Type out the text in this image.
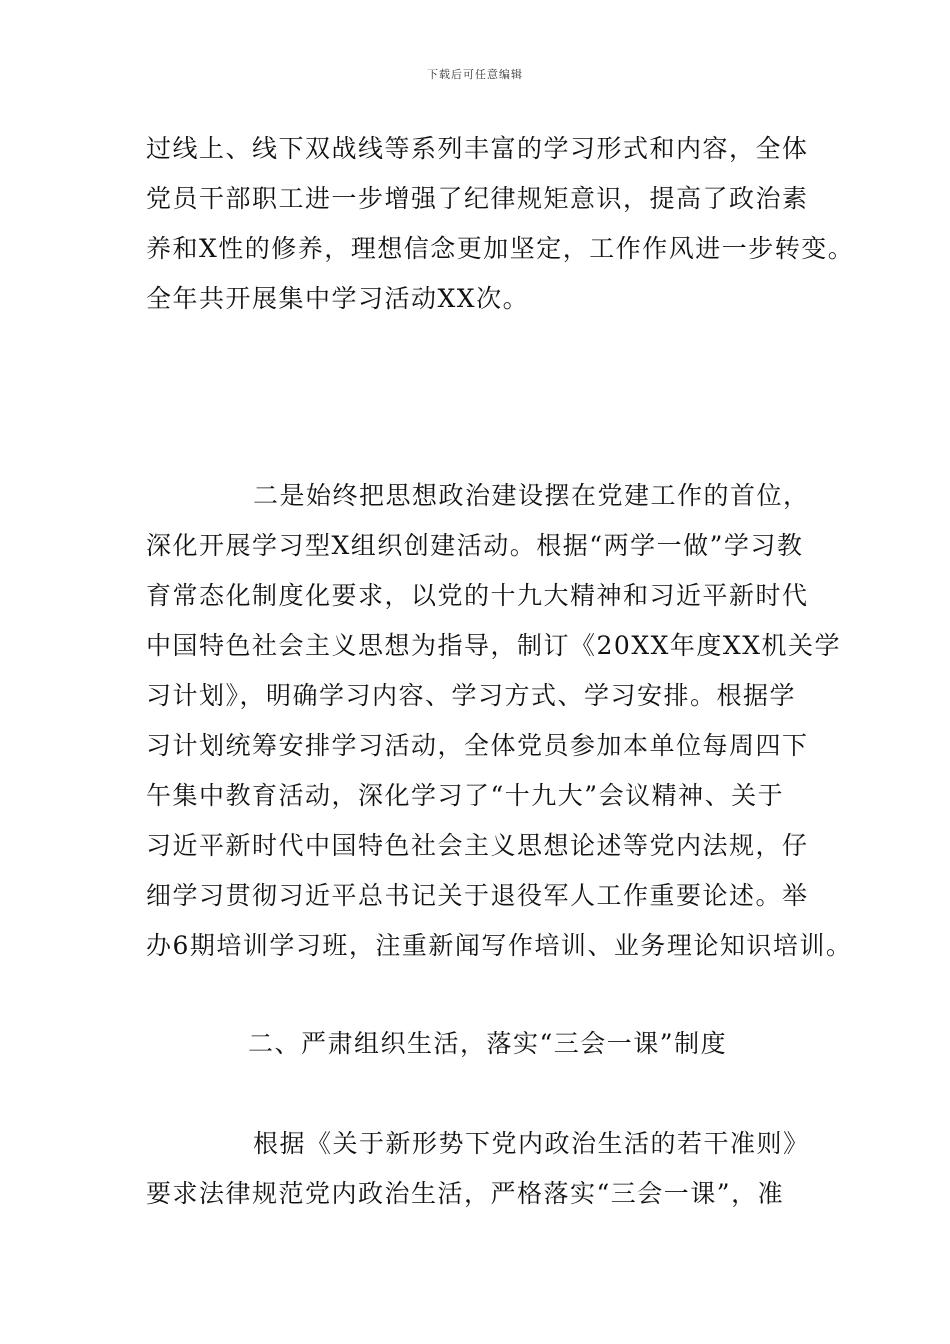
下载后可任意编辑
过线上、线下双战线等系列丰富的学习形式和内容，全体
党员干部职工进一步增强了纪律规矩意识，提高了政治素
养和X性的修养，理想信念更加坚定，工作作风进一步转变。
全年共开展集中学习活动XX次。
二是始终把思想政治建设摆在党建工作的首位，
深化开展学习型X组织创建活动。根据“两学一做”学习教
育常态化制度化要求，以党的十九大精神和习近平新时代
中国特色社会主义思想为指导，制订《20XX年度XX机关学
习计划》，明确学习内容、学习方式、学习安排。根据学
习计划统筹安排学习活动，全体党员参加本单位每周四下
午集中教育活动，深化学习了“十九大”会议精神、关于
习近平新时代中国特色社会主义思想论述等党内法规，仔
细学习贯彻习近平总书记关于退役军人工作重要论述。举
办6期培训学习班，注重新闻写作培训、业务理论知识培训。
二、严肃组织生活，落实“三会一课”制度
根据《关于新形势下党内政治生活的若干准则》
要求法律规范党内政治生活，严格落实“三会一课”，准
